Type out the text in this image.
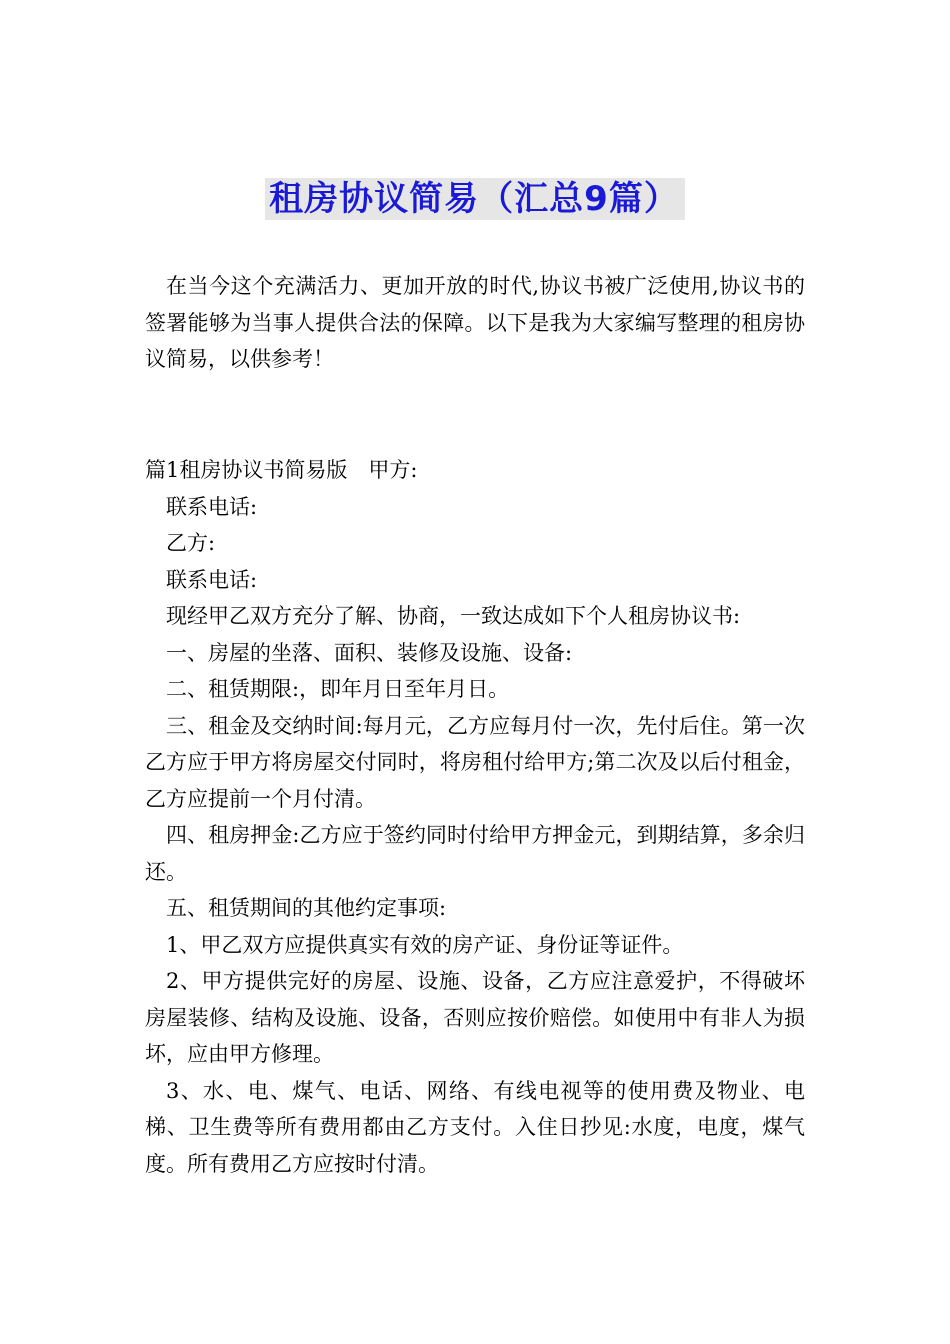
租房协议简易（汇总9篇）

在当今这个充满活力、更加开放的时代,协议书被广泛使用,协议书的签署能够为当事人提供合法的保障。以下是我为大家编写整理的租房协议简易，以供参考！

篇1租房协议书简易版　甲方:

联系电话:

乙方:

联系电话:

现经甲乙双方充分了解、协商，一致达成如下个人租房协议书:

一、房屋的坐落、面积、装修及设施、设备:

二、租赁期限:，即年月日至年月日。

三、租金及交纳时间:每月元，乙方应每月付一次，先付后住。第一次乙方应于甲方将房屋交付同时，将房租付给甲方;第二次及以后付租金，乙方应提前一个月付清。

四、租房押金:乙方应于签约同时付给甲方押金元，到期结算，多余归还。

五、租赁期间的其他约定事项:

1、甲乙双方应提供真实有效的房产证、身份证等证件。

2、甲方提供完好的房屋、设施、设备，乙方应注意爱护，不得破坏房屋装修、结构及设施、设备，否则应按价赔偿。如使用中有非人为损坏，应由甲方修理。

3、水、电、煤气、电话、网络、有线电视等的使用费及物业、电梯、卫生费等所有费用都由乙方支付。入住日抄见:水度，电度，煤气度。所有费用乙方应按时付清。
